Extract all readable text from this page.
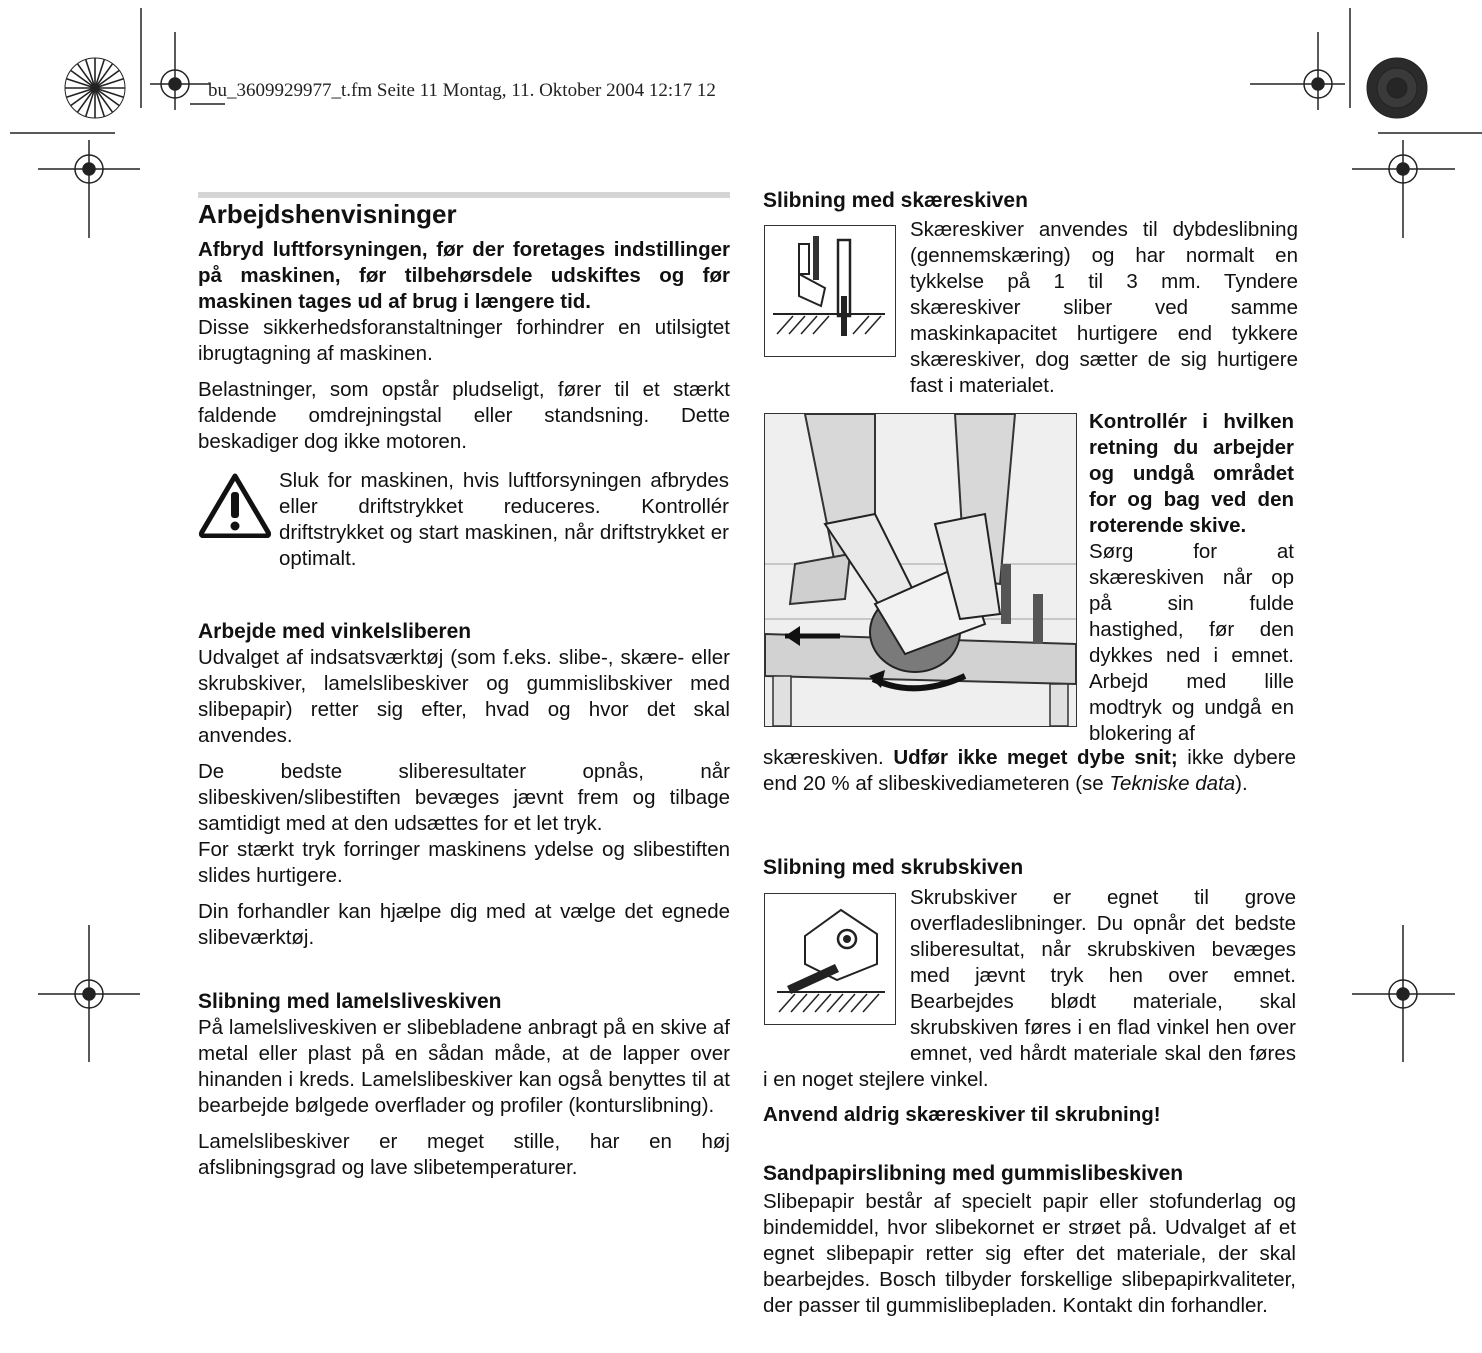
bu_3609929977_t.fm Seite 11 Montag, 11. Oktober 2004 12:17 12
Arbejdshenvisninger

Afbryd luftforsyningen, før der foretages indstillinger på maskinen, før tilbehørsdele udskiftes og før maskinen tages ud af brug i længere tid.

Disse sikkerhedsforanstaltninger forhindrer en utilsigtet ibrugtagning af maskinen.

Belastninger, som opstår pludseligt, fører til et stærkt faldende omdrejningstal eller standsning. Dette beskadiger dog ikke motoren.

Arbejde med vinkelsliberen

Udvalget af indsatsværktøj (som f.eks. slibe-, skære- eller skrubskiver, lamelslibeskiver og gummislibskiver med slibepapir) retter sig efter, hvad og hvor det skal anvendes.

De bedste sliberesultater opnås, når slibeskiven/slibestiften bevæges jævnt frem og tilbage samtidigt med at den udsættes for et let tryk.

For stærkt tryk forringer maskinens ydelse og slibestiften slides hurtigere.

Din forhandler kan hjælpe dig med at vælge det egnede slibeværktøj.

Slibning med lamelsliveskiven

På lamelsliveskiven er slibebladene anbragt på en skive af metal eller plast på en sådan måde, at de lapper over hinanden i kreds. Lamelslibeskiver kan også benyttes til at bearbejde bølgede overflader og profiler (konturslibning).

Lamelslibeskiver er meget stille, har en høj afslibningsgrad og lave slibetemperaturer.

Sluk for maskinen, hvis luftforsyningen afbrydes eller driftstrykket reduceres. Kontrollér driftstrykket og start maskinen, når driftstrykket er optimalt.
Slibning med skæreskiven
Skæreskiver anvendes til dybdeslibning (gennemskæring) og har normalt en tykkelse på 1 til 3 mm. Tyndere skæreskiver sliber ved samme maskinkapacitet hurtigere end tykkere skæreskiver, dog sætter de sig hurtigere fast i materialet.
Kontrollér i hvilken retning du arbejder og undgå området for og bag ved den roterende skive.
Sørg for at skæreskiven når op på sin fulde hastighed, før den dykkes ned i emnet. Arbejd med lille modtryk og undgå en blokering af
skæreskiven. Udfør ikke meget dybe snit; ikke dybere end 20 % af slibeskivediameteren (se Tekniske data).
Slibning med skrubskiven
Skrubskiver er egnet til grove overfladeslibninger. Du opnår det bedste sliberesultat, når skrubskiven bevæges med jævnt tryk hen over emnet. Bearbejdes blødt materiale, skal skrubskiven føres i en flad vinkel hen over emnet, ved hårdt materiale skal den føres i en noget stejlere vinkel.
Anvend aldrig skæreskiver til skrubning!
Sandpapirslibning med gummislibeskiven
Slibepapir består af specielt papir eller stofunderlag og bindemiddel, hvor slibekornet er strøet på. Udvalget af et egnet slibepapir retter sig efter det materiale, der skal bearbejdes. Bosch tilbyder forskellige slibepapirkvaliteter, der passer til gummislibepladen. Kontakt din forhandler.
